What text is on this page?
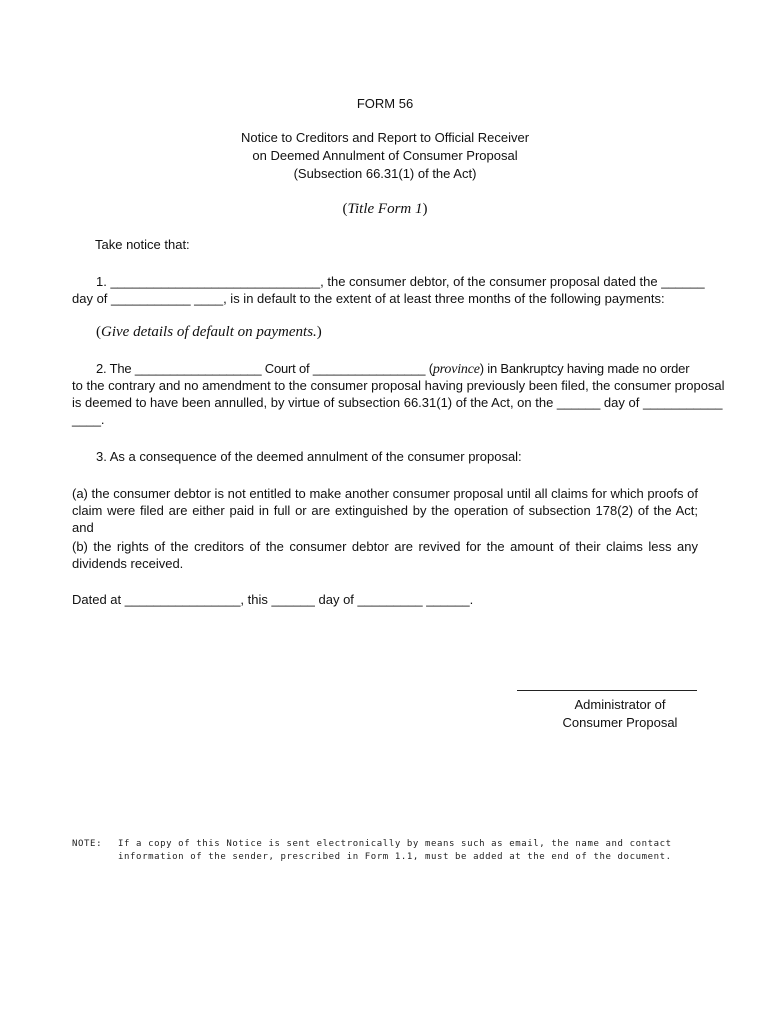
FORM 56
Notice to Creditors and Report to Official Receiver
on Deemed Annulment of Consumer Proposal
(Subsection 66.31(1) of the Act)
(Title Form 1)
Take notice that:
1. _____________________________, the consumer debtor, of the consumer proposal dated the ______
day of ___________ ____, is in default to the extent of at least three months of the following payments:
(Give details of default on payments.)
2. The __________________ Court of ________________ (province) in Bankruptcy having made no order
to the contrary and no amendment to the consumer proposal having previously been filed, the consumer proposal
is deemed to have been annulled, by virtue of subsection 66.31(1) of the Act, on the ______ day of ___________
____.
3. As a consequence of the deemed annulment of the consumer proposal:
(a) the consumer debtor is not entitled to make another consumer proposal until all claims for which proofs of claim were filed are either paid in full or are extinguished by the operation of subsection 178(2) of the Act; and
(b) the rights of the creditors of the consumer debtor are revived for the amount of their claims less any dividends received.
Dated at ________________, this ______ day of _________ ______.
Administrator of
Consumer Proposal
NOTE: If a copy of this Notice is sent electronically by means such as email, the name and contact information of the sender, prescribed in Form 1.1, must be added at the end of the document.
